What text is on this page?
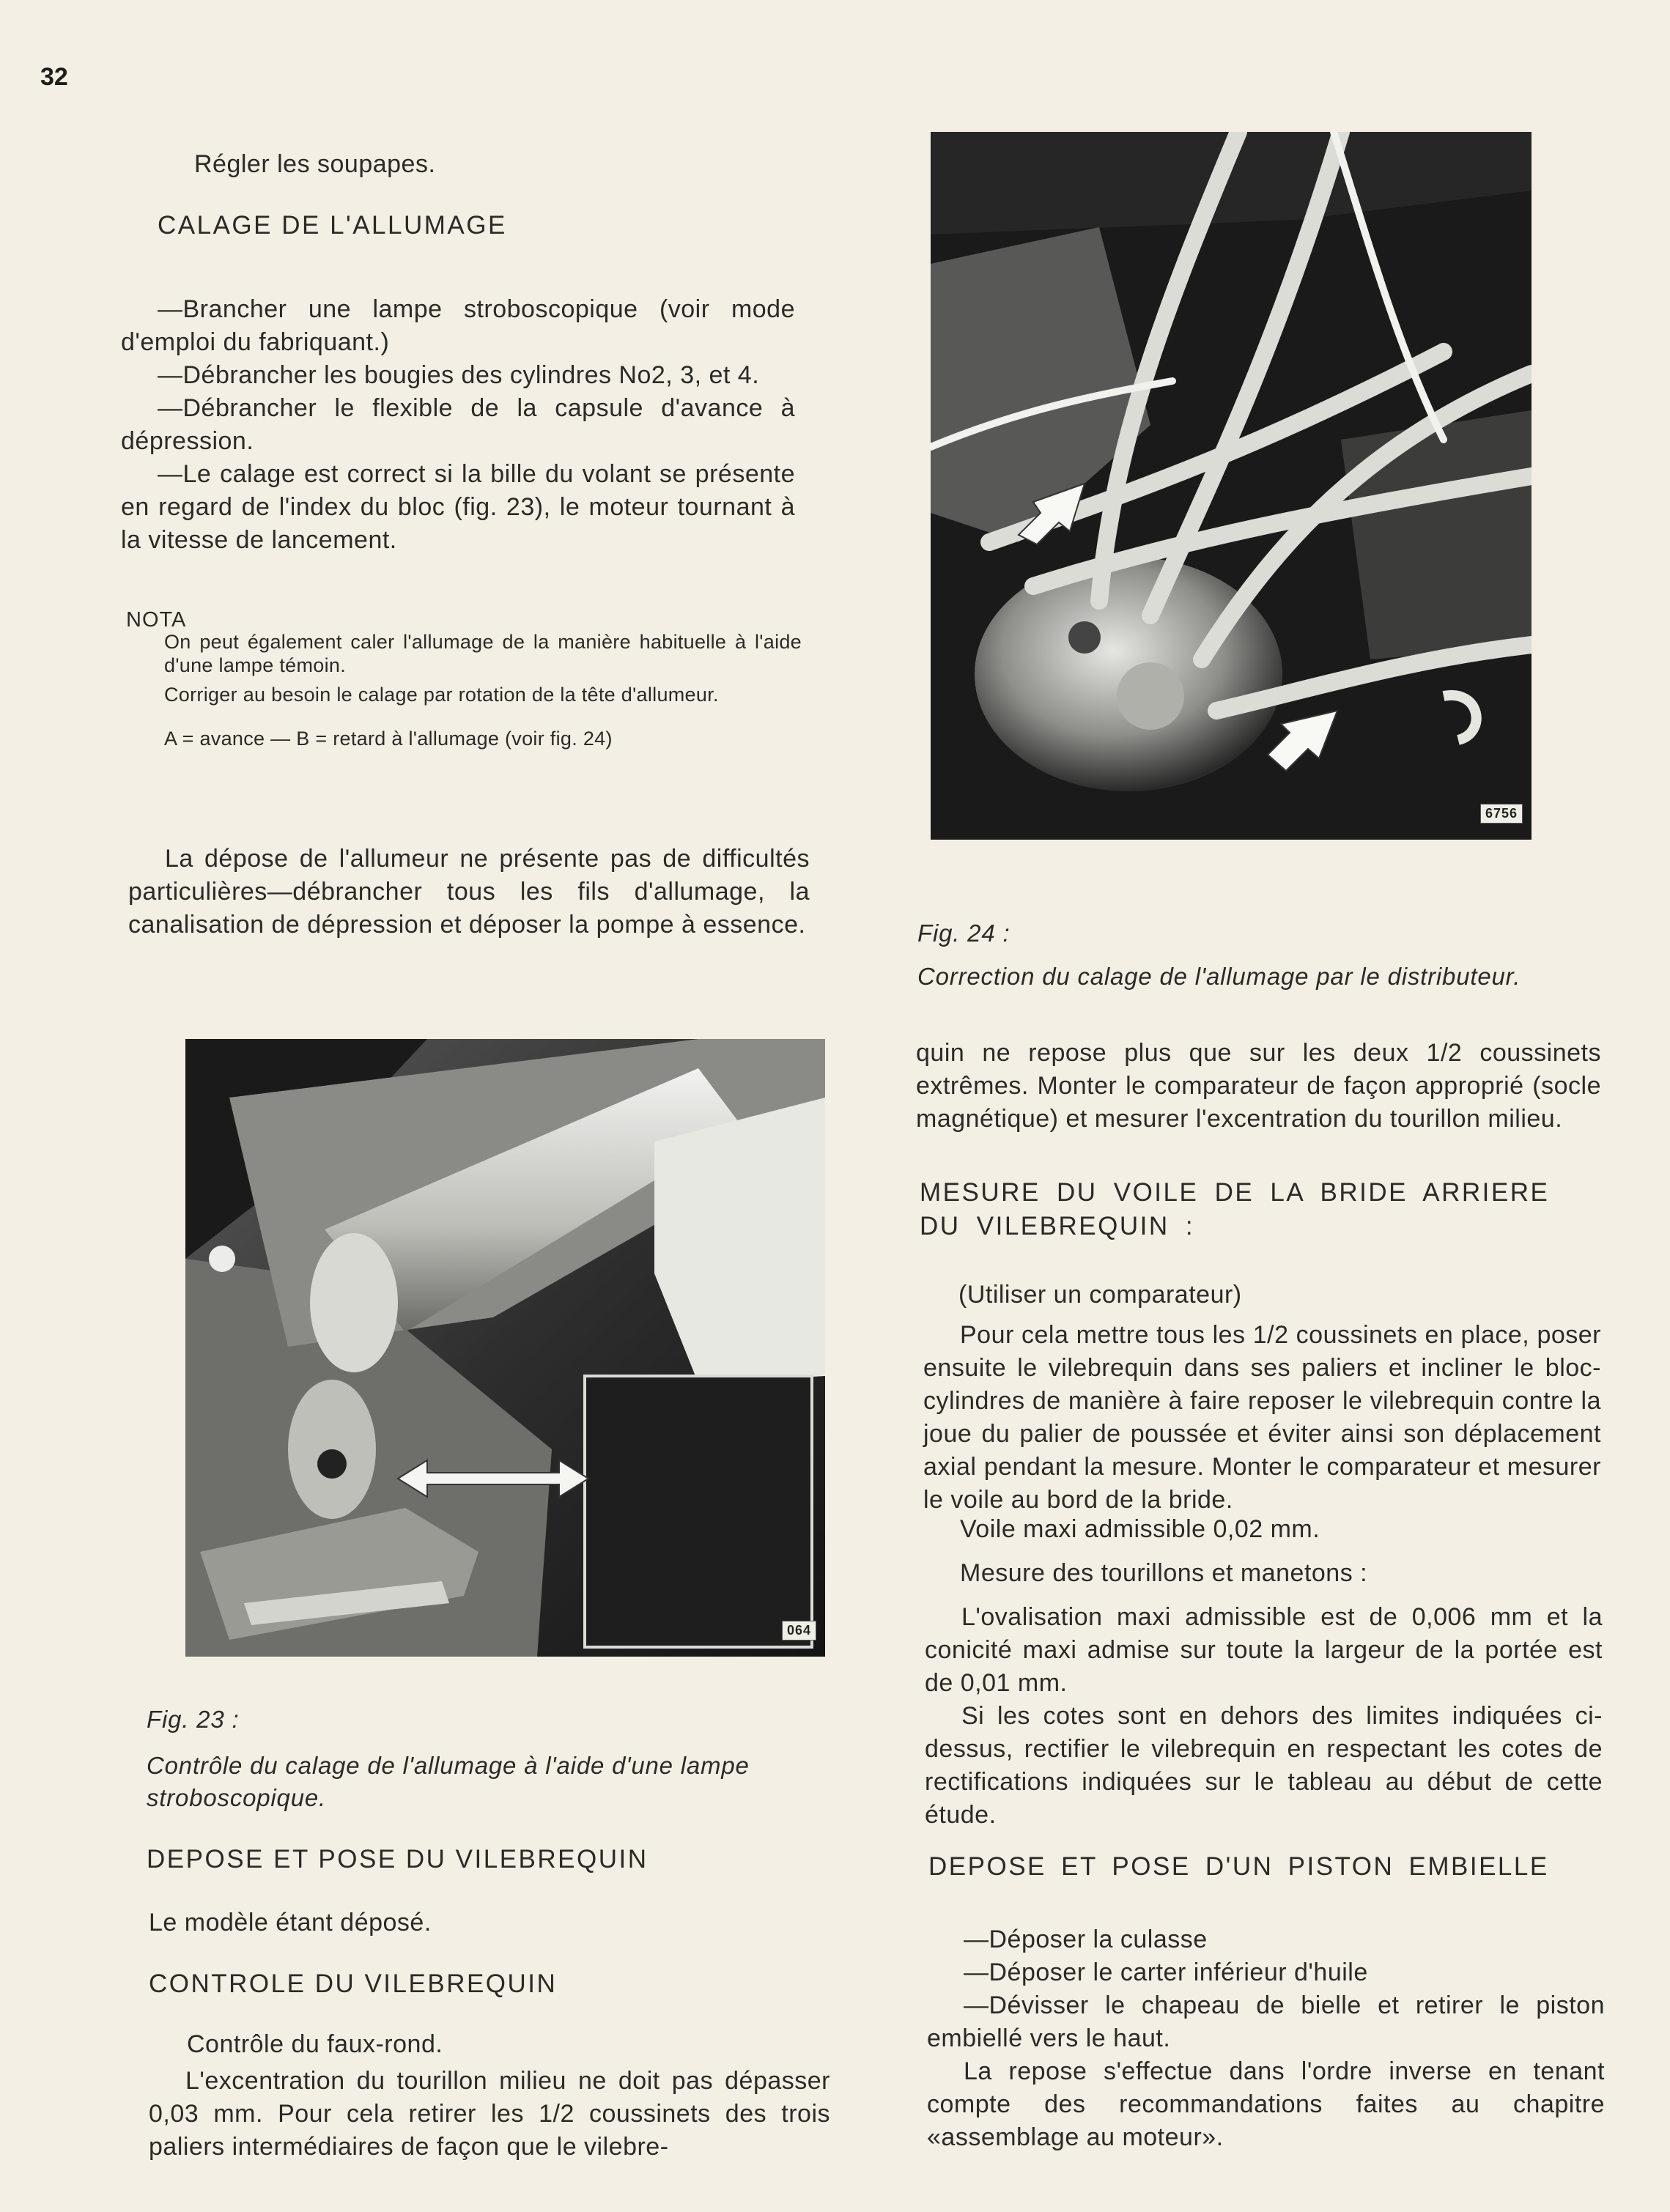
32
Régler les soupapes.
CALAGE DE L'ALLUMAGE

—Brancher une lampe stroboscopique (voir mode d'emploi du fabriquant.)

—Débrancher les bougies des cylindres No2, 3, et 4.

—Débrancher le flexible de la capsule d'avance à dépression.

—Le calage est correct si la bille du volant se présente en regard de l'index du bloc (fig. 23), le moteur tournant à la vitesse de lancement.

NOTA

On peut également caler l'allumage de la manière habituelle à l'aide d'une lampe témoin.

Corriger au besoin le calage par rotation de la tête d'allumeur.

A = avance — B = retard à l'allumage (voir fig. 24)

La dépose de l'allumeur ne présente pas de difficultés particulières—débrancher tous les fils d'allumage, la canalisation de dépression et déposer la pompe à essence.
064
Fig. 23 :
Contrôle du calage de l'allumage à l'aide d'une lampe stroboscopique.
DEPOSE ET POSE DU VILEBREQUIN
Le modèle étant déposé.
CONTROLE DU VILEBREQUIN
Contrôle du faux-rond.
L'excentration du tourillon milieu ne doit pas dépasser 0,03 mm. Pour cela retirer les 1/2 coussinets des trois paliers intermédiaires de façon que le vilebre-
6756
Fig. 24 :
Correction du calage de l'allumage par le distributeur.
quin ne repose plus que sur les deux 1/2 coussinets extrêmes. Monter le comparateur de façon approprié (socle magnétique) et mesurer l'excentration du tourillon milieu.
MESURE DU VOILE DE LA BRIDE ARRIERE DU VILEBREQUIN :
(Utiliser un comparateur)
Pour cela mettre tous les 1/2 coussinets en place, poser ensuite le vilebrequin dans ses paliers et incliner le bloc-cylindres de manière à faire reposer le vilebrequin contre la joue du palier de poussée et éviter ainsi son déplacement axial pendant la mesure. Monter le comparateur et mesurer le voile au bord de la bride.
Voile maxi admissible 0,02 mm.
Mesure des tourillons et manetons :
L'ovalisation maxi admissible est de 0,006 mm et la conicité maxi admise sur toute la largeur de la portée est de 0,01 mm.
Si les cotes sont en dehors des limites indiquées ci-dessus, rectifier le vilebrequin en respectant les cotes de rectifications indiquées sur le tableau au début de cette étude.
DEPOSE ET POSE D'UN PISTON EMBIELLE

—Déposer la culasse

—Déposer le carter inférieur d'huile

—Dévisser le chapeau de bielle et retirer le piston embiellé vers le haut.

La repose s'effectue dans l'ordre inverse en tenant compte des recommandations faites au chapitre «assemblage au moteur».
